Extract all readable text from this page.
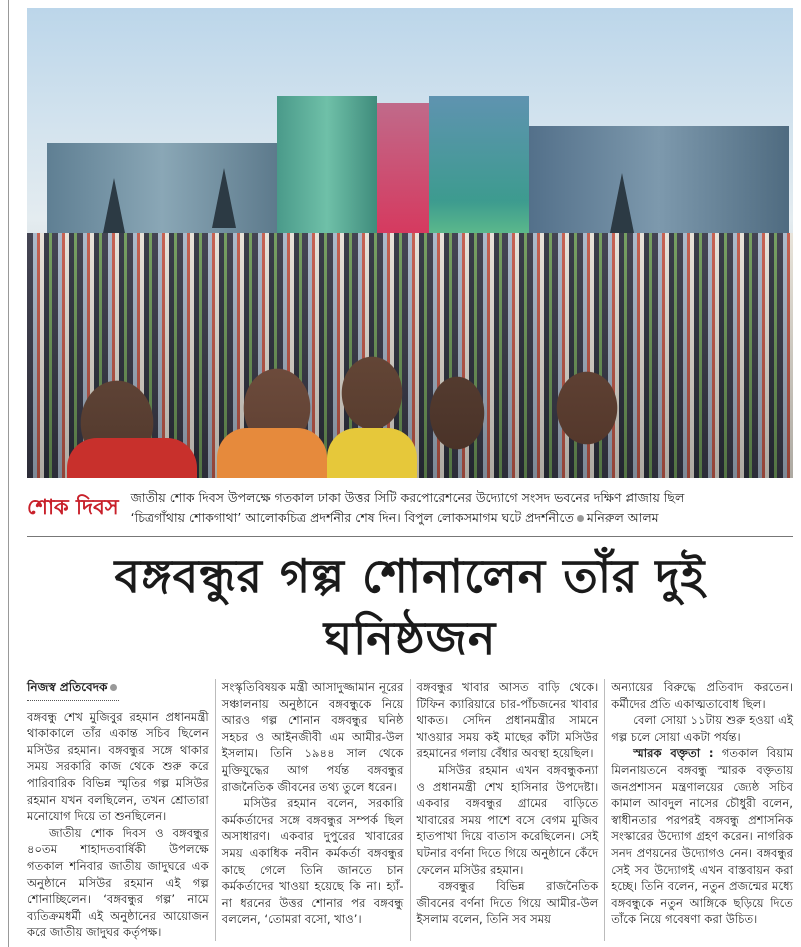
শোক দিবস জাতীয় শোক দিবস উপলক্ষে গতকাল ঢাকা উত্তর সিটি করপোরেশনের উদ্যোগে সংসদ ভবনের দক্ষিণ প্লাজায় ছিল
‘চিত্রগাঁথায় শোকগাথা’ আলোকচিত্র প্রদর্শনীর শেষ দিন। বিপুল লোকসমাগম ঘটে প্রদর্শনীতে মনিরুল আলম
বঙ্গবন্ধুর গল্প শোনালেন তাঁর দুই ঘনিষ্ঠজন
নিজস্ব প্রতিবেদক

বঙ্গবন্ধু শেখ মুজিবুর রহমান প্রধানমন্ত্রী থাকাকালে তাঁর একান্ত সচিব ছিলেন মসিউর রহমান। বঙ্গবন্ধুর সঙ্গে থাকার সময় সরকারি কাজ থেকে শুরু করে পারিবারিক বিভিন্ন স্মৃতির গল্প মসিউর রহমান যখন বলছিলেন, তখন শ্রোতারা মনোযোগ দিয়ে তা শুনছিলেন।

জাতীয় শোক দিবস ও বঙ্গবন্ধুর ৪০তম শাহাদতবার্ষিকী উপলক্ষে গতকাল শনিবার জাতীয় জাদুঘরে এক অনুষ্ঠানে মসিউর রহমান এই গল্প শোনাচ্ছিলেন। ‘বঙ্গবন্ধুর গল্প’ নামে ব্যতিক্রমধর্মী এই অনুষ্ঠানের আয়োজন করে জাতীয় জাদুঘর কর্তৃপক্ষ।

সংস্কৃতিবিষয়ক মন্ত্রী আসাদুজ্জামান নূরের সঞ্চালনায় অনুষ্ঠানে বঙ্গবন্ধুকে নিয়ে আরও গল্প শোনান বঙ্গবন্ধুর ঘনিষ্ঠ সহচর ও আইনজীবী এম আমীর-উল ইসলাম। তিনি ১৯৪৪ সাল থেকে মুক্তিযুদ্ধের আগ পর্যন্ত বঙ্গবন্ধুর রাজনৈতিক জীবনের তথ্য তুলে ধরেন।

মসিউর রহমান বলেন, সরকারি কর্মকর্তাদের সঙ্গে বঙ্গবন্ধুর সম্পর্ক ছিল অসাধারণ। একবার দুপুরের খাবারের সময় একাধিক নবীন কর্মকর্তা বঙ্গবন্ধুর কাছে গেলে তিনি জানতে চান কর্মকর্তাদের খাওয়া হয়েছে কি না। হ্যাঁ-না ধরনের উত্তর শোনার পর বঙ্গবন্ধু বললেন, ‘তোমরা বসো, খাও’।

বঙ্গবন্ধুর খাবার আসত বাড়ি থেকে। টিফিন ক্যারিয়ারে চার-পাঁচজনের খাবার থাকত। সেদিন প্রধানমন্ত্রীর সামনে খাওয়ার সময় কই মাছের কাঁটা মসিউর রহমানের গলায় বেঁধার অবস্থা হয়েছিল।

মসিউর রহমান এখন বঙ্গবন্ধুকন্যা ও প্রধানমন্ত্রী শেখ হাসিনার উপদেষ্টা। একবার বঙ্গবন্ধুর গ্রামের বাড়িতে খাবারের সময় পাশে বসে বেগম মুজিব হাতপাখা দিয়ে বাতাস করেছিলেন। সেই ঘটনার বর্ণনা দিতে গিয়ে অনুষ্ঠানে কেঁদে ফেলেন মসিউর রহমান।

বঙ্গবন্ধুর বিভিন্ন রাজনৈতিক জীবনের বর্ণনা দিতে গিয়ে আমীর-উল ইসলাম বলেন, তিনি সব সময়

অন্যায়ের বিরুদ্ধে প্রতিবাদ করতেন। কর্মীদের প্রতি একাত্মতাবোধ ছিল।

বেলা সোয়া ১১টায় শুরু হওয়া এই গল্প চলে সোয়া একটা পর্যন্ত।

স্মারক বক্তৃতা : গতকাল বিয়াম মিলনায়তনে বঙ্গবন্ধু স্মারক বক্তৃতায় জনপ্রশাসন মন্ত্রণালয়ের জ্যেষ্ঠ সচিব কামাল আবদুল নাসের চৌধুরী বলেন, স্বাধীনতার পরপরই বঙ্গবন্ধু প্রশাসনিক সংস্কারের উদ্যোগ গ্রহণ করেন। নাগরিক সনদ প্রণয়নের উদ্যোগও নেন। বঙ্গবন্ধুর সেই সব উদ্যোগই এখন বাস্তবায়ন করা হচ্ছে। তিনি বলেন, নতুন প্রজন্মের মধ্যে বঙ্গবন্ধুকে নতুন আঙ্গিকে ছড়িয়ে দিতে তাঁকে নিয়ে গবেষণা করা উচিত।
